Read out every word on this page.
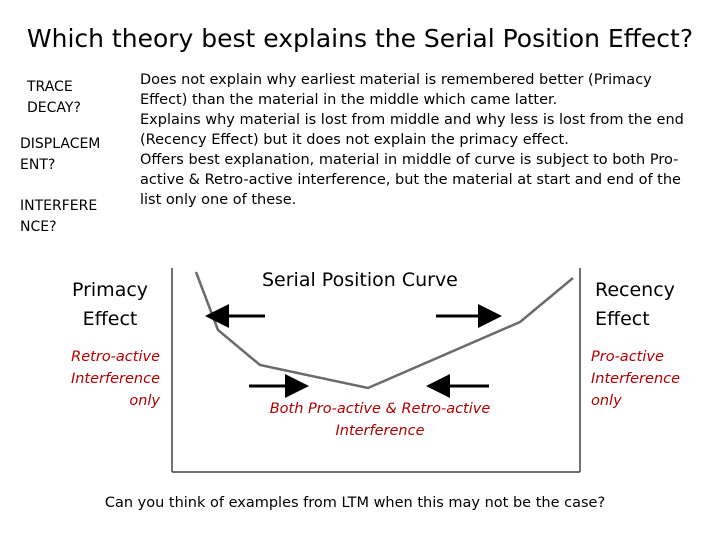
Which theory best explains the Serial Position Effect?
TRACE
DECAY?
DISPLACEM
ENT?
INTERFERE
NCE?
Does not explain why earliest material is remembered better (Primacy
Effect) than the material in the middle which came latter.
Explains why material is lost from middle and why less is lost from the end
(Recency Effect) but it does not explain the primacy effect.
Offers best explanation, material in middle of curve is subject to both Pro-
active & Retro-active interference, but the material at start and end of the
list only one of these.
Serial Position Curve
Primacy
Effect
Recency
Effect
Retro-active
Interference
only
Pro-active
Interference
only
Both Pro-active & Retro-active
Interference
Can you think of examples from LTM when this may not be the case?
